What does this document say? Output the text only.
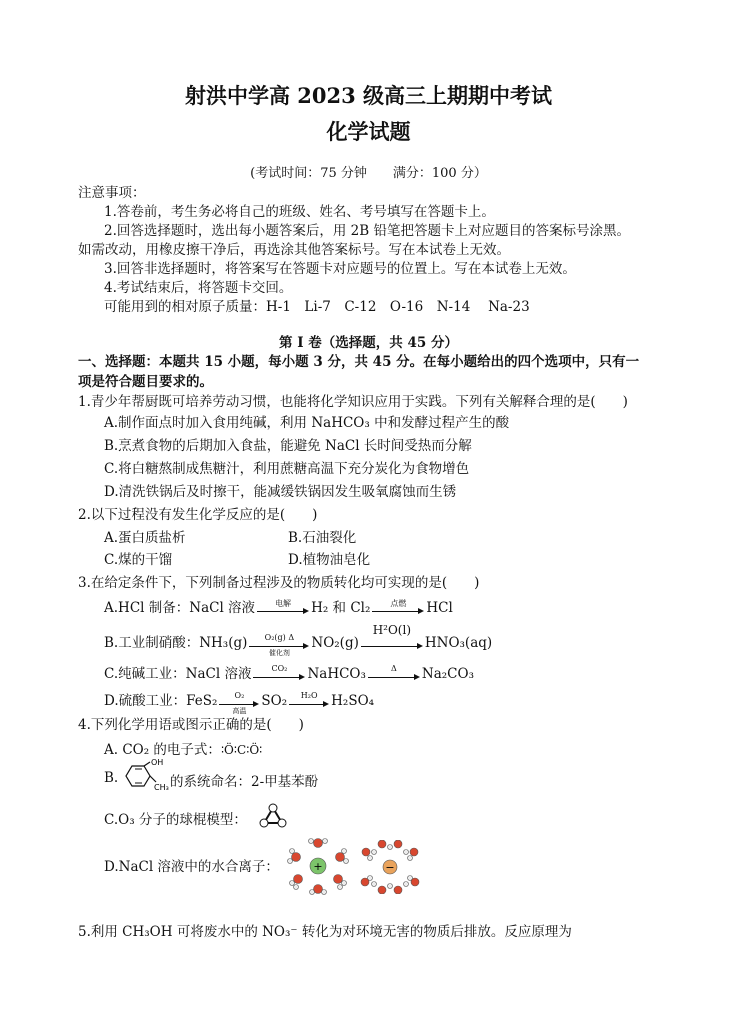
射洪中学高 2023 级高三上期期中考试
化学试题
(考试时间：75 分钟　　满分：100 分）
注意事项：
1.答卷前，考生务必将自己的班级、姓名、考号填写在答题卡上。
2.回答选择题时，选出每小题答案后，用 2B 铅笔把答题卡上对应题目的答案标号涂黑。
如需改动，用橡皮擦干净后，再选涂其他答案标号。写在本试卷上无效。
3.回答非选择题时，将答案写在答题卡对应题号的位置上。写在本试卷上无效。
4.考试结束后，将答题卡交回。
可能用到的相对原子质量：H-1　Li-7　C-12　O-16　N-14　 Na-23
第 I 卷（选择题，共 45 分）
一、选择题：本题共 15 小题，每小题 3 分，共 45 分。在每小题给出的四个选项中，只有一
项是符合题目要求的。
1.青少年帮厨既可培养劳动习惯，也能将化学知识应用于实践。下列有关解释合理的是(　　)
A.制作面点时加入食用纯碱，利用 NaHCO₃ 中和发酵过程产生的酸
B.烹煮食物的后期加入食盐，能避免 NaCl 长时间受热而分解
C.将白糖熬制成焦糖汁，利用蔗糖高温下充分炭化为食物增色
D.清洗铁锅后及时擦干，能减缓铁锅因发生吸氧腐蚀而生锈
2.以下过程没有发生化学反应的是(　　)
A.蛋白质盐析	B.石油裂化
C.煤的干馏	D.植物油皂化
3.在给定条件下，下列制备过程涉及的物质转化均可实现的是(　　)
A.HCl 制备：NaCl 溶液	电解	H₂ 和 Cl₂	点燃	HCl
B.工业制硝酸：NH₃(g)	O₂(g) Δ
催化剂
NO₂(g)
H²O(l)
HNO₃(aq)
C.纯碱工业：NaCl 溶液	CO₂	NaHCO₃	Δ	Na₂CO₃
D.硫酸工业：FeS₂	O₂
高温
SO₂	H₂O	H₂SO₄
4.下列化学用语或图示正确的是(　　)
A. CO₂ 的电子式：∶Ö∶C∶Ö∶
B.
OH
CH₃ 的系统命名：2-甲基苯酚
C.O₃ 分子的球棍模型：
D.NaCl 溶液中的水合离子：	+	−
5.利用 CH₃OH 可将废水中的 NO₃⁻ 转化为对环境无害的物质后排放。反应原理为
